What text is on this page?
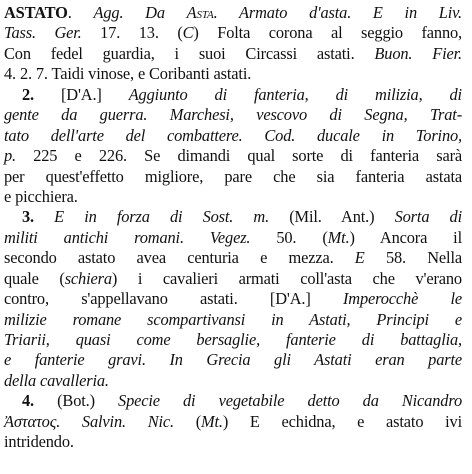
ASTATO. Agg. Da Asta. Armato d'asta. E in Liv.
Tass. Ger. 17. 13. (C) Folta corona al seggio fanno,
Con fedel guardia, i suoi Circassi astati. Buon. Fier.
4. 2. 7. Taidi vinose, e Coribanti astati.
2. [D'A.] Aggiunto di fanteria, di milizia, di
gente da guerra. Marchesi, vescovo di Segna, Trat-
tato dell'arte del combattere. Cod. ducale in Torino,
p. 225 e 226. Se dimandi qual sorte di fanteria sarà
per quest'effetto migliore, pare che sia fanteria astata
e picchiera.
3. E in forza di Sost. m. (Mil. Ant.) Sorta di
militi antichi romani. Vegez. 50. (Mt.) Ancora il
secondo astato avea centuria e mezza. E 58. Nella
quale (schiera) i cavalieri armati coll'asta che v'erano
contro, s'appellavano astati. [D'A.] Imperocchè le
milizie romane scompartivansi in Astati, Principi e
Triarii, quasi come bersaglie, fanterie di battaglia,
e fanterie gravi. In Grecia gli Astati eran parte
della cavalleria.
4. (Bot.) Specie di vegetabile detto da Nicandro
Ἀστατος. Salvin. Nic. (Mt.) E echidna, e astato ivi
intridendo.
